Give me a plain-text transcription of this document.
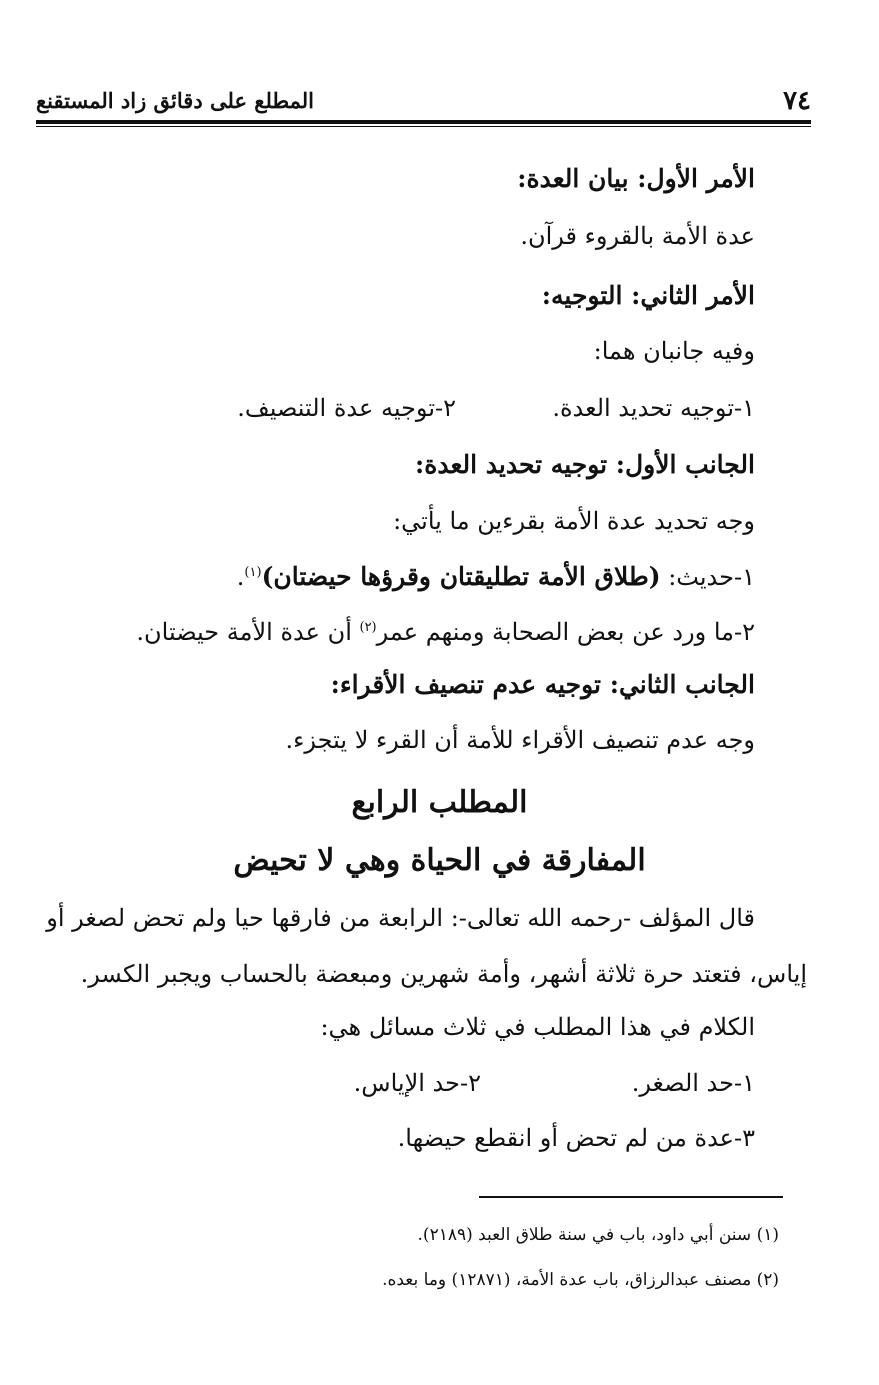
٧٤
المطلع على دقائق زاد المستقنع
الأمر الأول: بيان العدة:
عدة الأمة بالقروء قرآن.
الأمر الثاني: التوجيه:
وفيه جانبان هما:
١-توجيه تحديد العدة.
٢-توجيه عدة التنصيف.
الجانب الأول: توجيه تحديد العدة:
وجه تحديد عدة الأمة بقرءين ما يأتي:
١-حديث: (طلاق الأمة تطليقتان وقرؤها حيضتان)$^{(١)}$.
٢-ما ورد عن بعض الصحابة ومنهم عمر$^{(٢)}$ أن عدة الأمة حيضتان.
الجانب الثاني: توجيه عدم تنصيف الأقراء:
وجه عدم تنصيف الأقراء للأمة أن القرء لا يتجزء.
المطلب الرابع
المفارقة في الحياة وهي لا تحيض
قال المؤلف -رحمه الله تعالى-: الرابعة من فارقها حيا ولم تحض لصغر أو
إياس، فتعتد حرة ثلاثة أشهر، وأمة شهرين ومبعضة بالحساب ويجبر الكسر.
الكلام في هذا المطلب في ثلاث مسائل هي:
١-حد الصغر.
٢-حد الإياس.
٣-عدة من لم تحض أو انقطع حيضها.
(١) سنن أبي داود، باب في سنة طلاق العبد (٢١٨٩).
(٢) مصنف عبدالرزاق، باب عدة الأمة، (١٢٨٧١) وما بعده.
